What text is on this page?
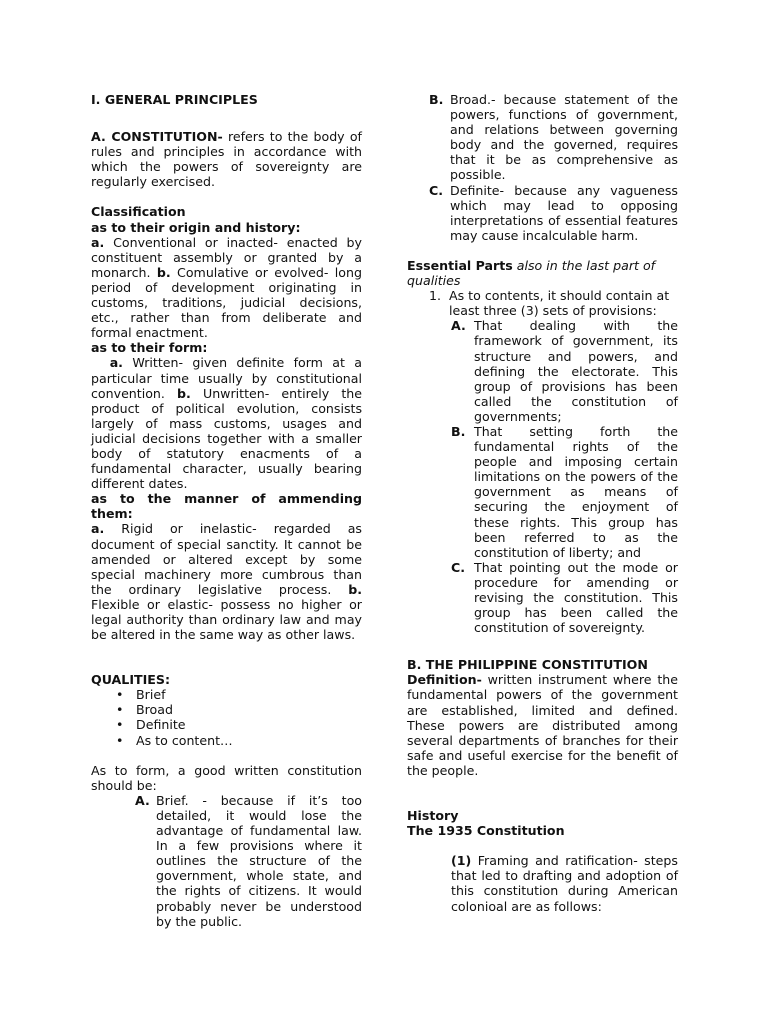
I. GENERAL PRINCIPLES

A. CONSTITUTION- refers to the body of rules and principles in accordance with which the powers of sovereignty are regularly exercised.

Classification

as to their origin and history:

a. Conventional or inacted- enacted by constituent assembly or granted by a monarch. b. Comulative or evolved- long period of development originating in customs, traditions, judicial decisions, etc., rather than from deliberate and formal enactment.

as to their form:

a. Written- given definite form at a particular time usually by constitutional convention. b. Unwritten- entirely the product of political evolution, consists largely of mass customs, usages and judicial decisions together with a smaller body of statutory enacments of a fundamental character, usually bearing different dates.

as to the manner of ammending them:

a. Rigid or inelastic- regarded as document of special sanctity. It cannot be amended or altered except by some special machinery more cumbrous than the ordinary legislative process. b. Flexible or elastic- possess no higher or legal authority than ordinary law and may be altered in the same way as other laws.

QUALITIES:

• Brief
• Broad
• Definite
• As to content…

As to form, a good written constitution should be:

A. Brief. - because if it’s too detailed, it would lose the advantage of fundamental law. In a few provisions where it outlines the structure of the government, whole state, and the rights of citizens. It would probably never be understood by the public.
B. Broad.- because statement of the powers, functions of government, and relations between governing body and the governed, requires that it be as comprehensive as possible.
C. Definite- because any vagueness which may lead to opposing interpretations of essential features may cause incalculable harm.

Essential Parts also in the last part of qualities

1. As to contents, it should contain at least three (3) sets of provisions:
A. That dealing with the framework of government, its structure and powers, and defining the electorate. This group of provisions has been called the constitution of governments;
B. That setting forth the fundamental rights of the people and imposing certain limitations on the powers of the government as means of securing the enjoyment of these rights. This group has been referred to as the constitution of liberty; and
C. That pointing out the mode or procedure for amending or revising the constitution. This group has been called the constitution of sovereignty.

B. THE PHILIPPINE CONSTITUTION

Definition- written instrument where the fundamental powers of the government are established, limited and defined. These powers are distributed among several departments of branches for their safe and useful exercise for the benefit of the people.

History

The 1935 Constitution

(1) Framing and ratification- steps that led to drafting and adoption of this constitution during American colonioal are as follows:
